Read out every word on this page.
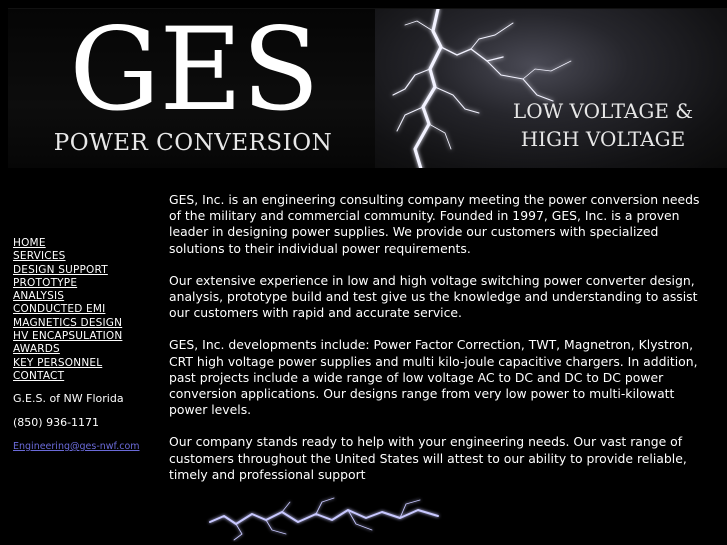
GES
POWER CONVERSION
LOW VOLTAGE &
HIGH VOLTAGE
HOME
SERVICES
DESIGN SUPPORT
PROTOTYPE
ANALYSIS
CONDUCTED EMI
MAGNETICS DESIGN
HV ENCAPSULATION
AWARDS
KEY PERSONNEL
CONTACT
G.E.S. of NW Florida
(850) 936-1171
Engineering@ges-nwf.com

GES, Inc. is an engineering consulting company meeting the power conversion needs of the military and commercial community. Founded in 1997, GES, Inc. is a proven leader in designing power supplies. We provide our customers with specialized solutions to their individual power requirements.

Our extensive experience in low and high voltage switching power converter design, analysis, prototype build and test give us the knowledge and understanding to assist our customers with rapid and accurate service.

GES, Inc. developments include: Power Factor Correction, TWT, Magnetron, Klystron, CRT high voltage power supplies and multi kilo-joule capacitive chargers. In addition, past projects include a wide range of low voltage AC to DC and DC to DC power conversion applications. Our designs range from very low power to multi-kilowatt power levels.

Our company stands ready to help with your engineering needs. Our vast range of customers throughout the United States will attest to our ability to provide reliable, timely and professional support
